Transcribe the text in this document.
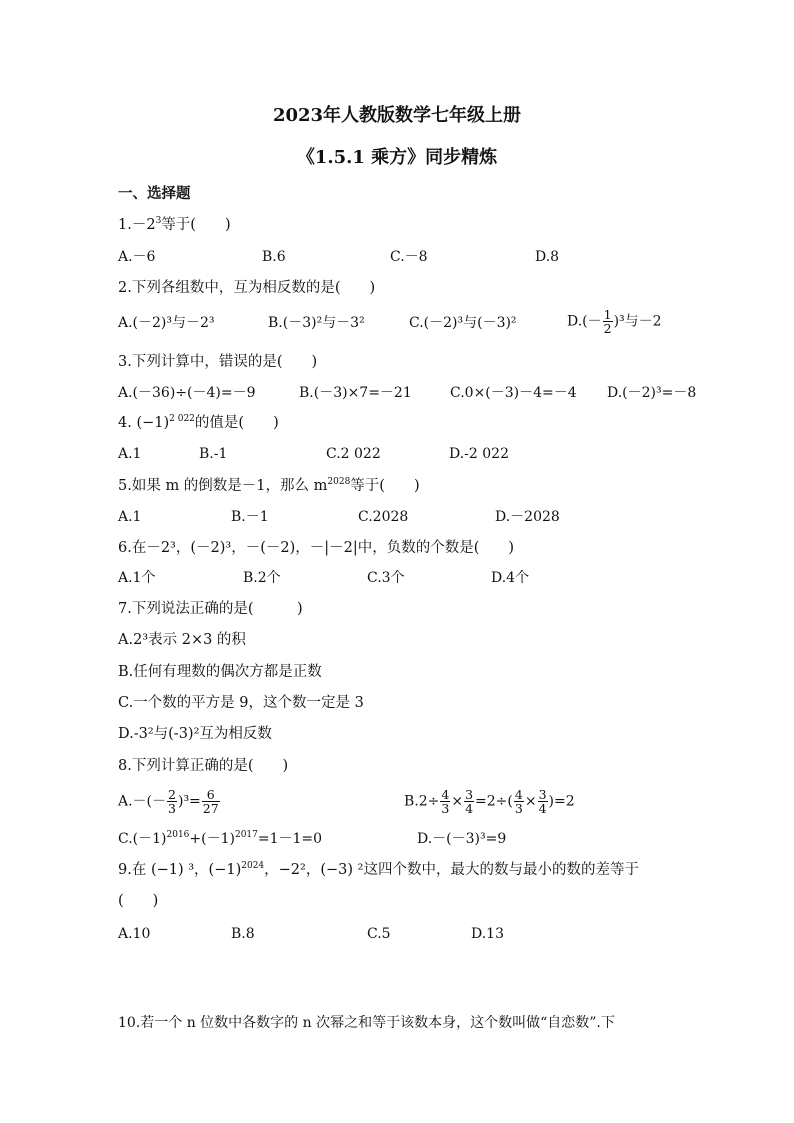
2023年人教版数学七年级上册
《1.5.1 乘方》同步精炼
一、选择题
$1.-2^3$等于(　　)
A.－6	B.6	C.－8	D.8
2.下列各组数中，互为相反数的是(　　)
A.(－2)³与－2³	B.(－3)²与－3²	C.(－2)³与(－3)²	$D.(- \frac{1}{2} )^3$与－2
3.下列计算中，错误的是(　　)
A.(－36)÷(－4)=－9	B.(－3)×7=－21	C.0×(－3)－4=－4 D.(－2)³=－8
4. $(-1)^{2 022}$的值是(　　)
A.1	B.-1	C.2 022	D.-2 022
5.如果 m 的倒数是－1，那么 $m^{2028}$等于(　　)
A.1	B.－1	C.2028	D.－2028
6.在－2³，(－2)³，－(－2)，－|－2|中，负数的个数是(　　)
A.1个	B.2个	C.3个	D.4个
7.下列说法正确的是(　　　)
A.2³表示 2×3 的积
B.任何有理数的偶次方都是正数
C.一个数的平方是 9，这个数一定是 3
D.-3²与(-3)²互为相反数
8.下列计算正确的是(　　)
$A.-(- \frac{2}{3} )^3= \frac{6}{27}$	$B.2\div \frac{4}{3} \times \frac{3}{4} =2\div( \frac{4}{3} \times \frac{3}{4} )=2$
$C.(-1)^{2016}+(-1)^{2017}=1-1=0$	D.－(－3)³=9
9.在 (−1) ³，$(-1)^{2024}$，−2²，(−3) ²这四个数中，最大的数与最小的数的差等于
(　　)
A.10	B.8	C.5	D.13
10.若一个 n 位数中各数字的 n 次幂之和等于该数本身，这个数叫做“自恋数”.下
